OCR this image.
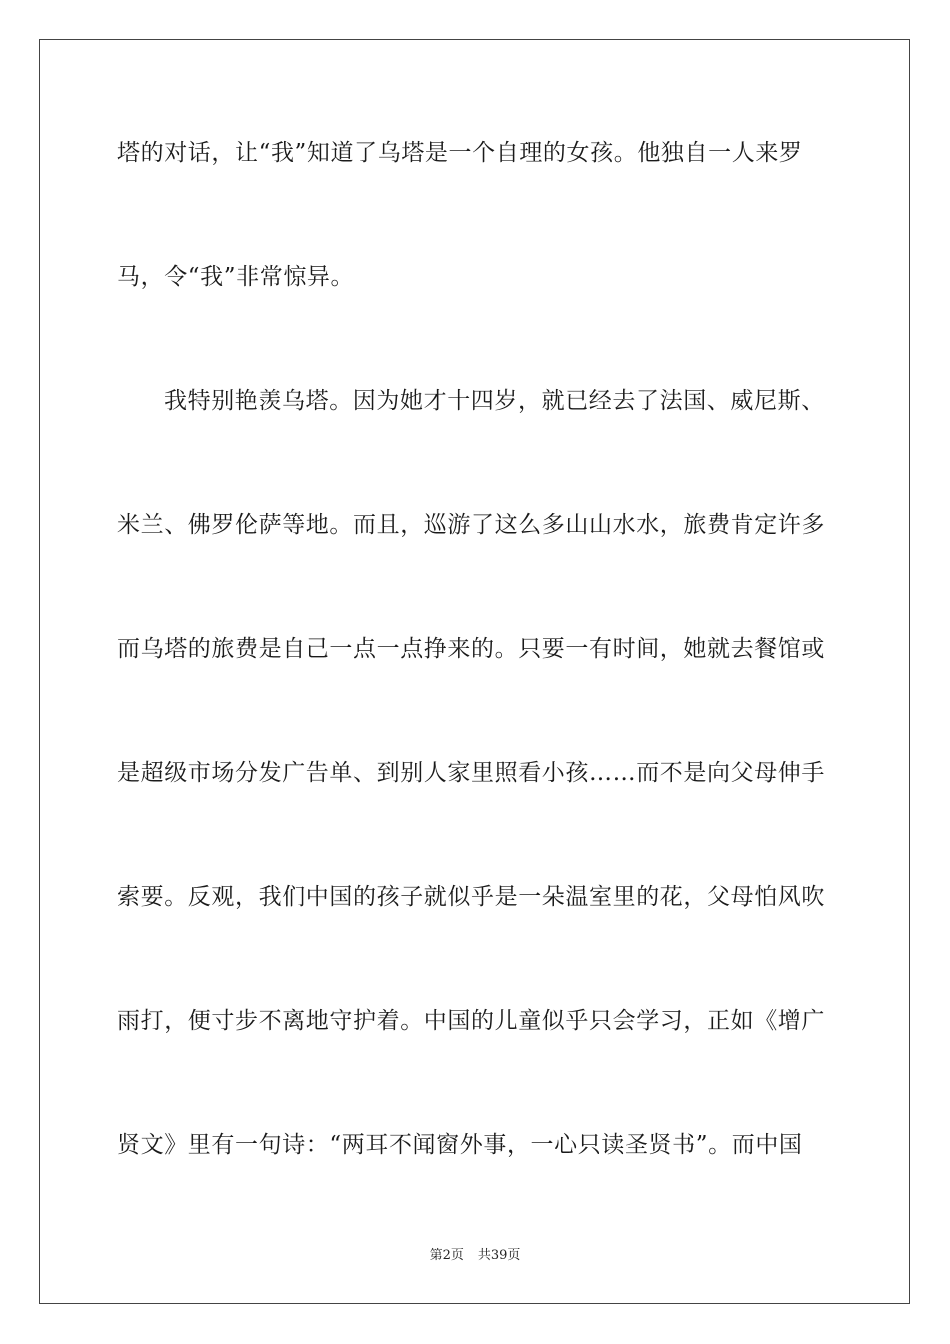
塔的对话，让“我”知道了乌塔是一个自理的女孩。他独自一人来罗
马，令“我”非常惊异。
我特别艳羡乌塔。因为她才十四岁，就已经去了法国、威尼斯、
米兰、佛罗伦萨等地。而且，巡游了这么多山山水水，旅费肯定许多
而乌塔的旅费是自己一点一点挣来的。只要一有时间，她就去餐馆或
是超级市场分发广告单、到别人家里照看小孩……而不是向父母伸手
索要。反观，我们中国的孩子就似乎是一朵温室里的花，父母怕风吹
雨打，便寸步不离地守护着。中国的儿童似乎只会学习，正如《增广
贤文》里有一句诗：“两耳不闻窗外事，一心只读圣贤书”。而中国
第2页 共39页
